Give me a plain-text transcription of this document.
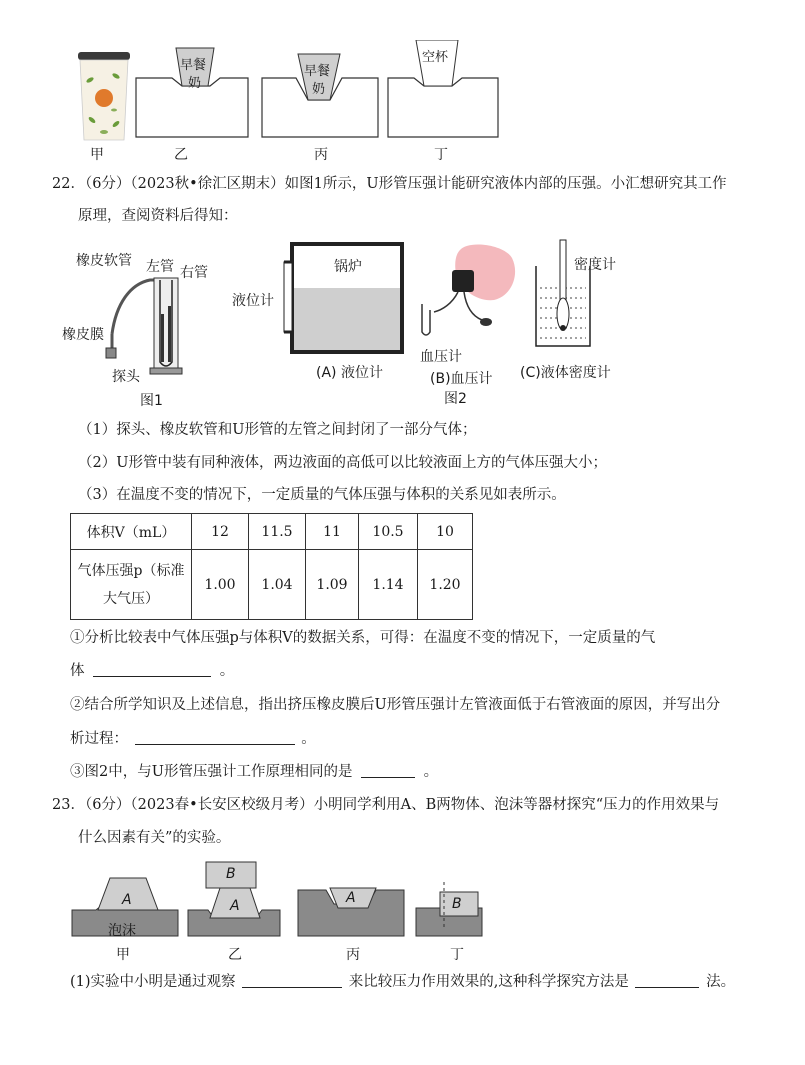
早餐
奶
早餐
奶
空杯
甲	乙	丙	丁
22．（6分）（2023秋•徐汇区期末）如图1所示，U形管压强计能研究液体内部的压强。小汇想研究其工作
原理，查阅资料后得知：
橡皮软管 左管 右管
橡皮膜
探头
图1
锅炉
液位计
(A) 液位计
血压计
(B)血压计
图2
密度计
(C)液体密度计
（1）探头、橡皮软管和U形管的左管之间封闭了一部分气体；
（2）U形管中装有同种液体，两边液面的高低可以比较液面上方的气体压强大小；
（3）在温度不变的情况下，一定质量的气体压强与体积的关系见如表所示。
体积V（mL）	12	11.5	11	10.5	10

气体压强p（标准
大气压）	1.00	1.04	1.09	1.14	1.20
①分析比较表中气体压强p与体积V的数据关系，可得：在温度不变的情况下，一定质量的气
体	。
②结合所学知识及上述信息，指出挤压橡皮膜后U形管压强计左管液面低于右管液面的原因，并写出分
析过程：	。
③图2中，与U形管压强计工作原理相同的是	。
23．（6分）（2023春•长安区校级月考）小明同学利用A、B两物体、泡沫等器材探究“压力的作用效果与
什么因素有关”的实验。
A
泡沫
B
A	A	B
甲	乙	丙	丁
(1)实验中小明是通过观察	来比较压力作用效果的,这种科学探究方法是	法。
